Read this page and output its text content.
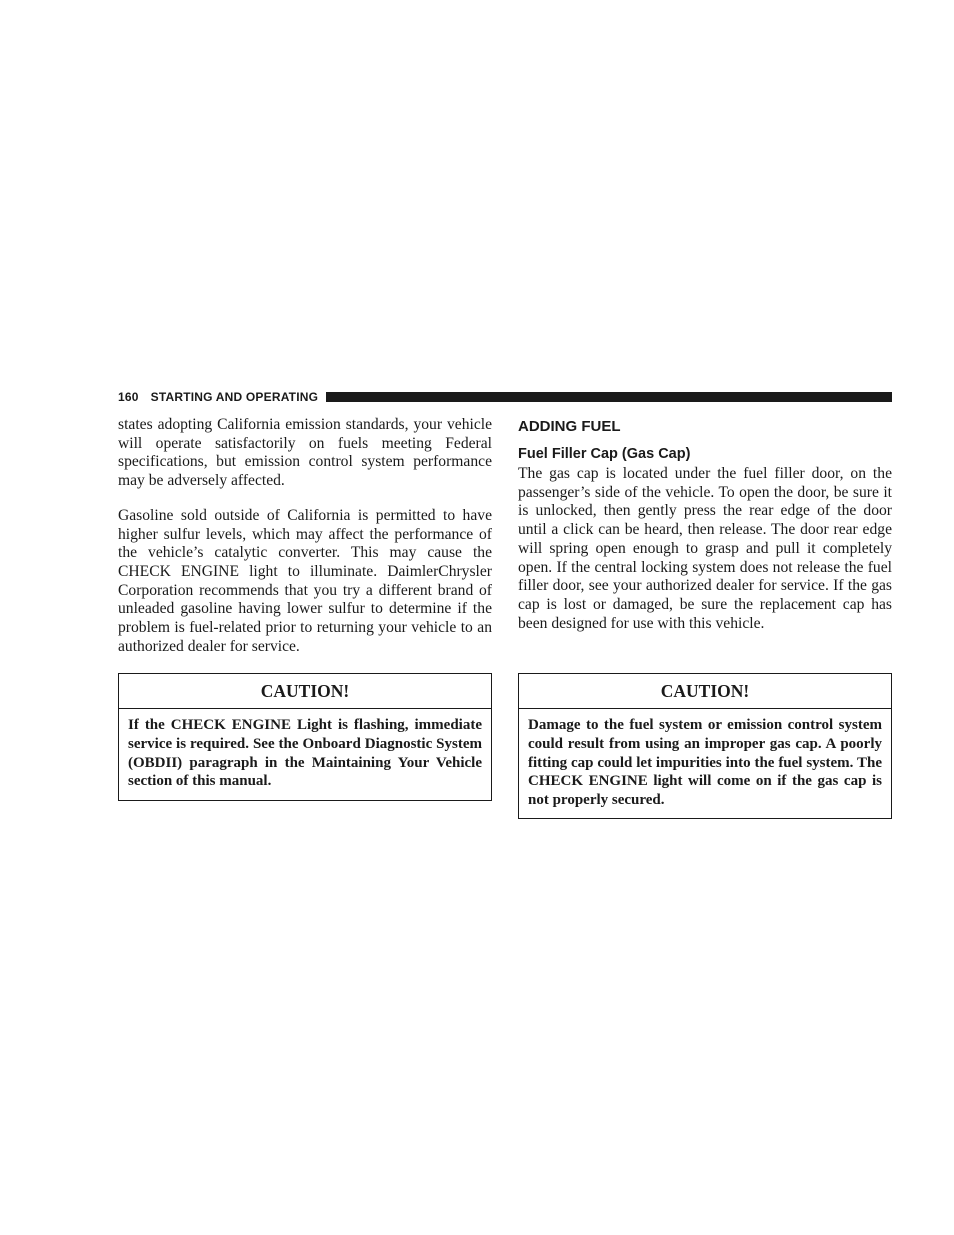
160 STARTING AND OPERATING

states adopting California emission standards, your vehicle will operate satisfactorily on fuels meeting Federal specifications, but emission control system performance may be adversely affected.

Gasoline sold outside of California is permitted to have higher sulfur levels, which may affect the performance of the vehicle’s catalytic converter. This may cause the CHECK ENGINE light to illuminate. DaimlerChrysler Corporation recommends that you try a different brand of unleaded gasoline having lower sulfur to determine if the problem is fuel-related prior to returning your vehicle to an authorized dealer for service.

ADDING FUEL
Fuel Filler Cap (Gas Cap)

The gas cap is located under the fuel filler door, on the passenger’s side of the vehicle. To open the door, be sure it is unlocked, then gently press the rear edge of the door until a click can be heard, then release. The door rear edge will spring open enough to grasp and pull it completely open. If the central locking system does not release the fuel filler door, see your authorized dealer for service. If the gas cap is lost or damaged, be sure the replacement cap has been designed for use with this vehicle.

CAUTION!
If the CHECK ENGINE Light is flashing, immediate service is required. See the Onboard Diagnostic System (OBDII) paragraph in the Maintaining Your Vehicle section of this manual.
CAUTION!
Damage to the fuel system or emission control system could result from using an improper gas cap. A poorly fitting cap could let impurities into the fuel system. The CHECK ENGINE light will come on if the gas cap is not properly secured.
